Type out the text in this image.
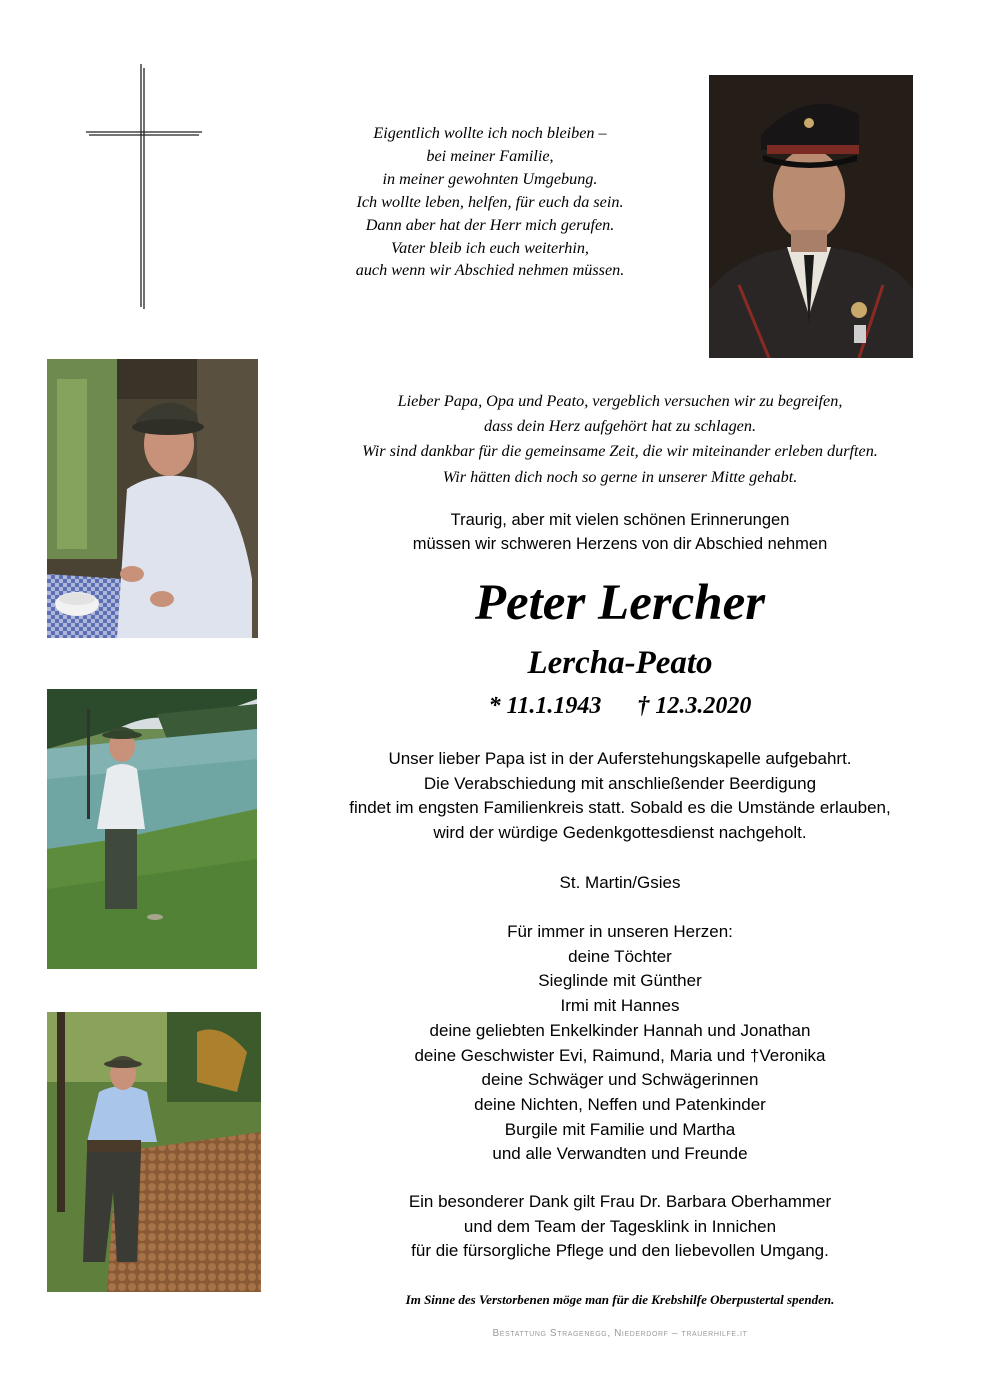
Eigentlich wollte ich noch bleiben –
bei meiner Familie,
in meiner gewohnten Umgebung.
Ich wollte leben, helfen, für euch da sein.
Dann aber hat der Herr mich gerufen.
Vater bleib ich euch weiterhin,
auch wenn wir Abschied nehmen müssen.
Lieber Papa, Opa und Peato, vergeblich versuchen wir zu begreifen,
dass dein Herz aufgehört hat zu schlagen.
Wir sind dankbar für die gemeinsame Zeit, die wir miteinander erleben durften.
Wir hätten dich noch so gerne in unserer Mitte gehabt.
Traurig, aber mit vielen schönen Erinnerungen
müssen wir schweren Herzens von dir Abschied nehmen
Peter Lercher
Lercha-Peato
* 11.1.1943 † 12.3.2020
Unser lieber Papa ist in der Auferstehungskapelle aufgebahrt.
Die Verabschiedung mit anschließender Beerdigung
findet im engsten Familienkreis statt. Sobald es die Umstände erlauben,
wird der würdige Gedenkgottesdienst nachgeholt.
St. Martin/Gsies
Für immer in unseren Herzen:
deine Töchter
Sieglinde mit Günther
Irmi mit Hannes
deine geliebten Enkelkinder Hannah und Jonathan
deine Geschwister Evi, Raimund, Maria und †Veronika
deine Schwäger und Schwägerinnen
deine Nichten, Neffen und Patenkinder
Burgile mit Familie und Martha
und alle Verwandten und Freunde
Ein besonderer Dank gilt Frau Dr. Barbara Oberhammer
und dem Team der Tagesklink in Innichen
für die fürsorgliche Pflege und den liebevollen Umgang.
Im Sinne des Verstorbenen möge man für die Krebshilfe Oberpustertal spenden.
Bestattung Stragenegg, Niederdorf – trauerhilfe.it
